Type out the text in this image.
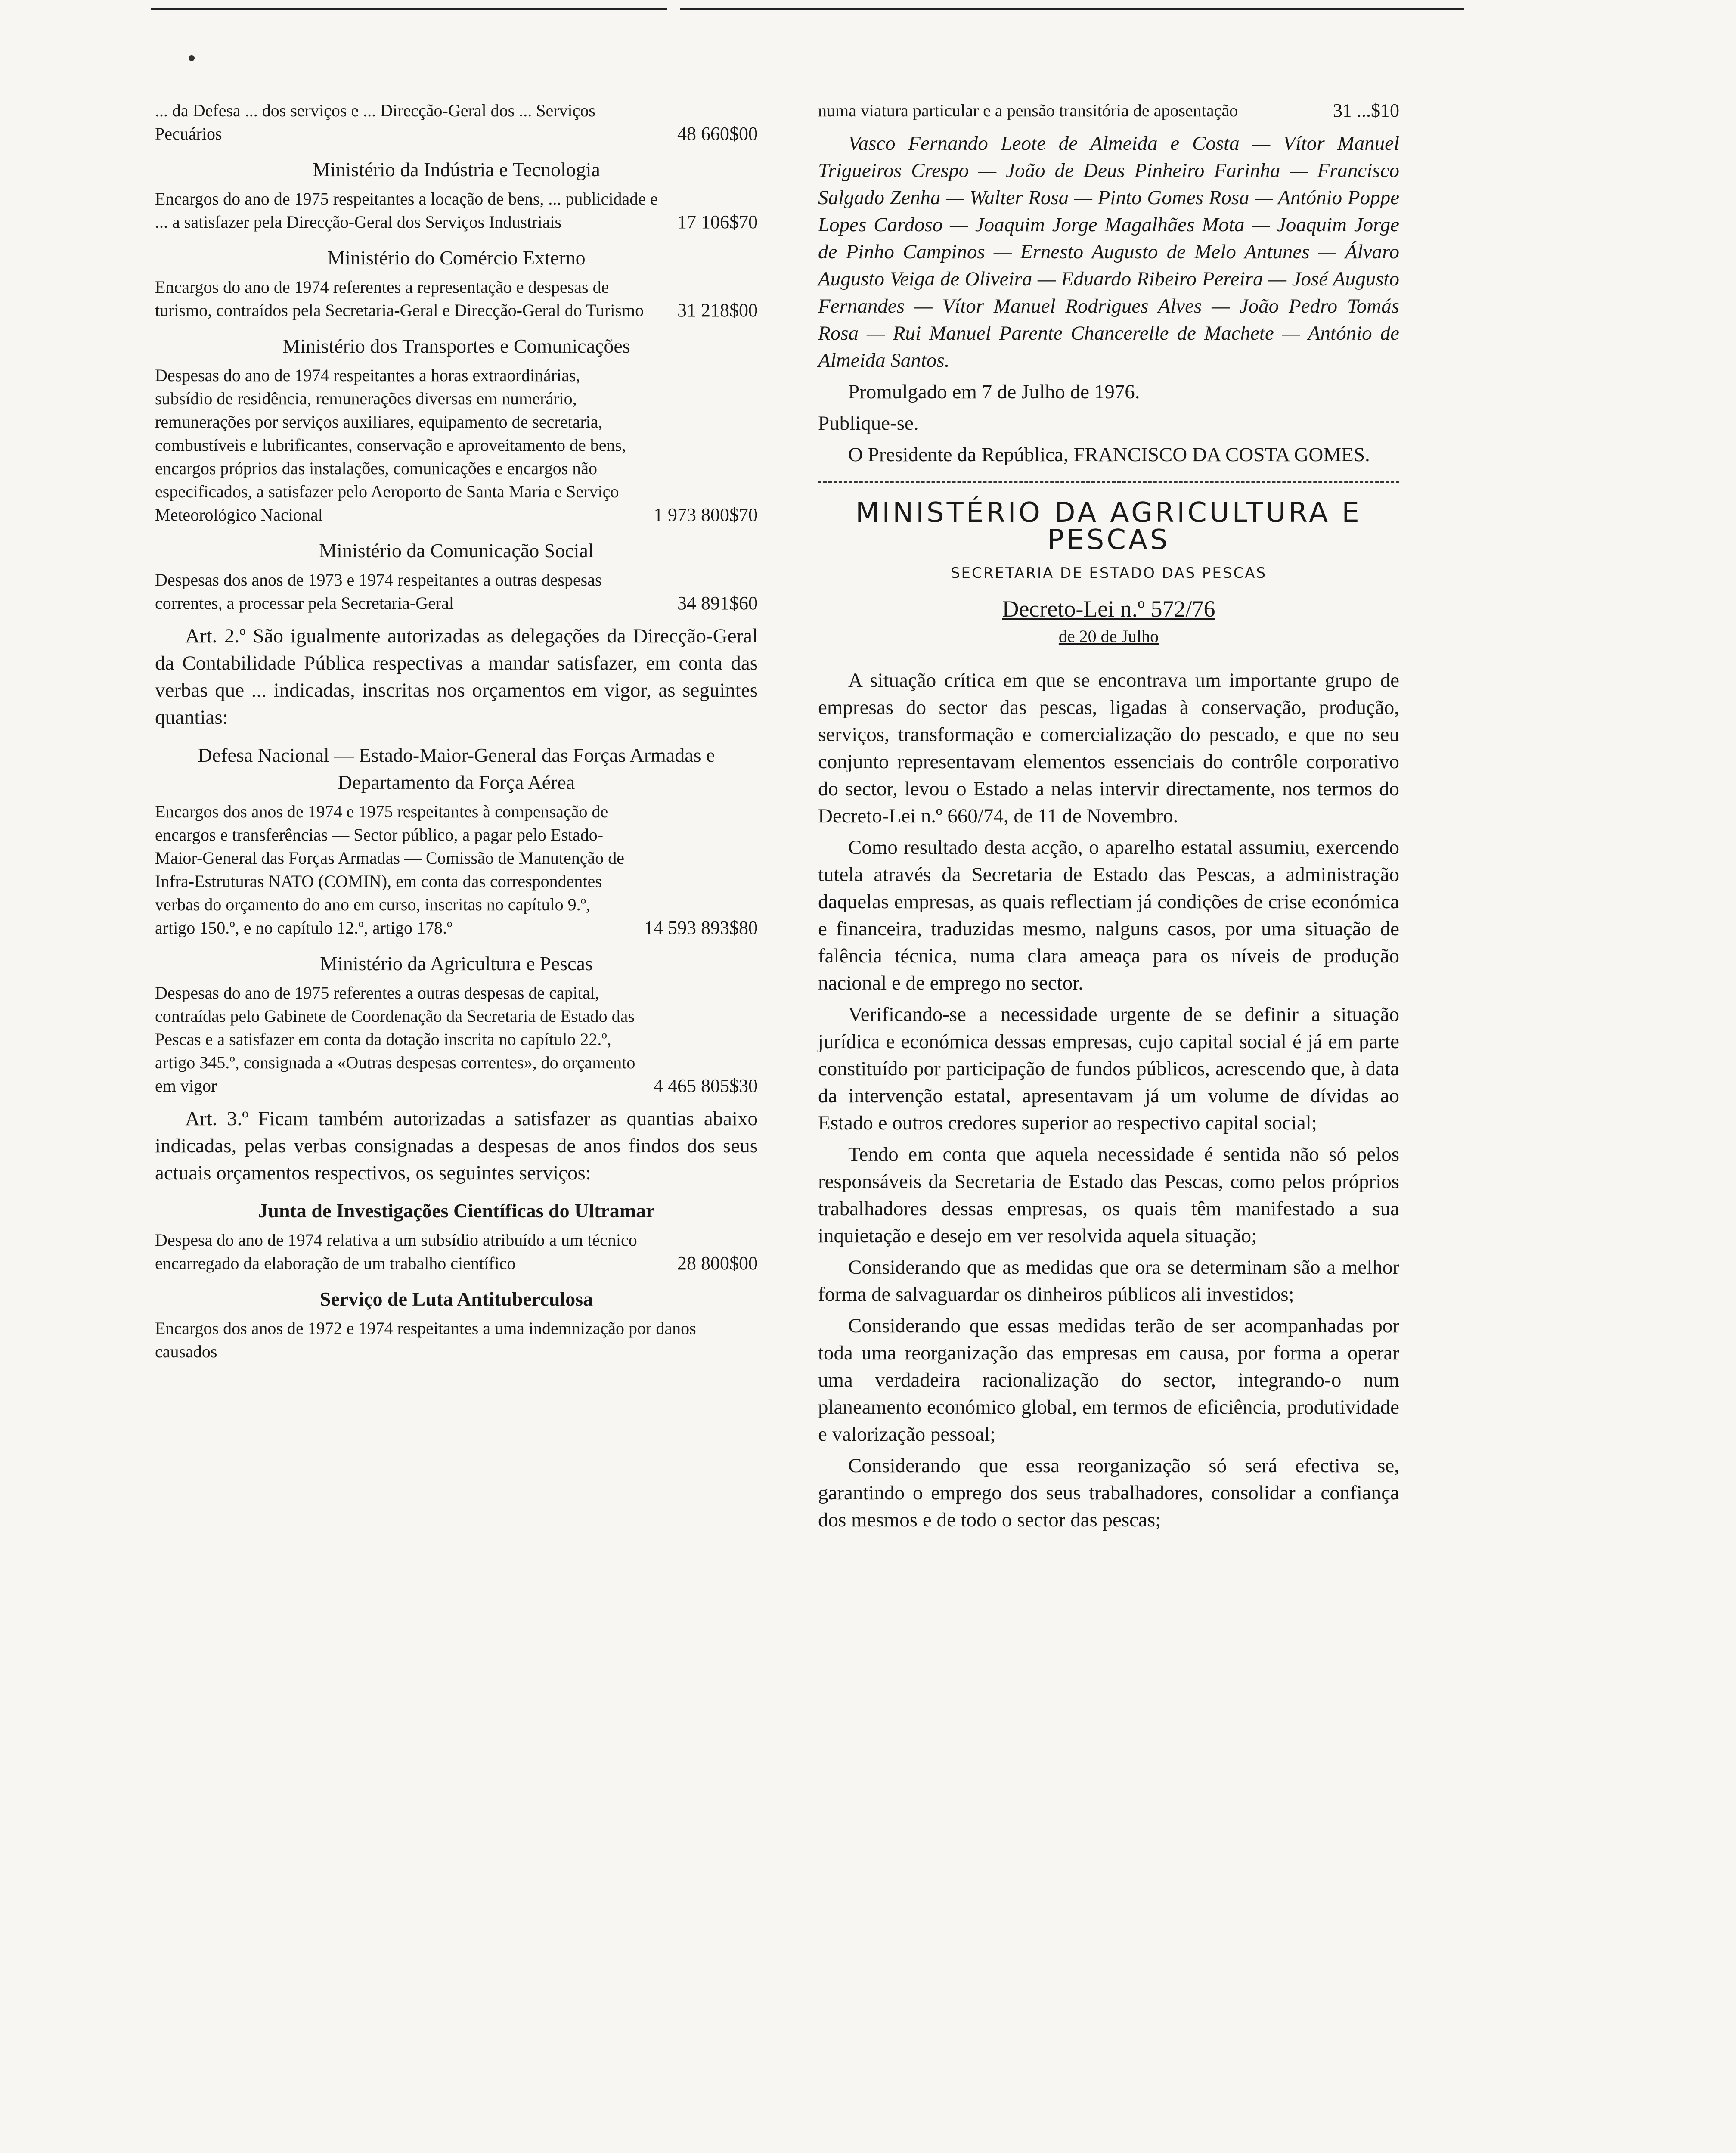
... da Defesa ... dos serviços e ... Direcção-Geral dos ... Serviços Pecuários	48 660$00
Ministério da Indústria e Tecnologia
Encargos do ano de 1975 respeitantes a locação de bens, ... publicidade e ... a satisfazer pela Direcção-Geral dos Serviços Industriais	17 106$70
Ministério do Comércio Externo
Encargos do ano de 1974 referentes a representação e despesas de turismo, contraídos pela Secretaria-Geral e Direcção-Geral do Turismo	31 218$00
Ministério dos Transportes e Comunicações
Despesas do ano de 1974 respeitantes a horas extraordinárias, subsídio de residência, remunerações diversas em numerário, remunerações por serviços auxiliares, equipamento de secretaria, combustíveis e lubrificantes, conservação e aproveitamento de bens, encargos próprios das instalações, comunicações e encargos não especificados, a satisfazer pelo Aeroporto de Santa Maria e Serviço Meteorológico Nacional	1 973 800$70
Ministério da Comunicação Social
Despesas dos anos de 1973 e 1974 respeitantes a outras despesas correntes, a processar pela Secretaria-Geral	34 891$60

Art. 2.º São igualmente autorizadas as delegações da Direcção-Geral da Contabilidade Pública respectivas a mandar satisfazer, em conta das verbas que ... indicadas, inscritas nos orçamentos em vigor, as seguintes quantias:

Defesa Nacional — Estado-Maior-General das Forças Armadas e Departamento da Força Aérea
Encargos dos anos de 1974 e 1975 respeitantes à compensação de encargos e transferências — Sector público, a pagar pelo Estado-Maior-General das Forças Armadas — Comissão de Manutenção de Infra-Estruturas NATO (COMIN), em conta das correspondentes verbas do orçamento do ano em curso, inscritas no capítulo 9.º, artigo 150.º, e no capítulo 12.º, artigo 178.º	14 593 893$80
Ministério da Agricultura e Pescas
Despesas do ano de 1975 referentes a outras despesas de capital, contraídas pelo Gabinete de Coordenação da Secretaria de Estado das Pescas e a satisfazer em conta da dotação inscrita no capítulo 22.º, artigo 345.º, consignada a «Outras despesas correntes», do orçamento em vigor	4 465 805$30

Art. 3.º Ficam também autorizadas a satisfazer as quantias abaixo indicadas, pelas verbas consignadas a despesas de anos findos dos seus actuais orçamentos respectivos, os seguintes serviços:

Junta de Investigações Científicas do Ultramar
Despesa do ano de 1974 relativa a um subsídio atribuído a um técnico encarregado da elaboração de um trabalho científico	28 800$00
Serviço de Luta Antituberculosa
Encargos dos anos de 1972 e 1974 respeitantes a uma indemnização por danos causados
numa viatura particular e a pensão transitória de aposentação	31 ...$10

Vasco Fernando Leote de Almeida e Costa — Vítor Manuel Trigueiros Crespo — João de Deus Pinheiro Farinha — Francisco Salgado Zenha — Walter Rosa — Pinto Gomes Rosa — António Poppe Lopes Cardoso — Joaquim Jorge Magalhães Mota — Joaquim Jorge de Pinho Campinos — Ernesto Augusto de Melo Antunes — Álvaro Augusto Veiga de Oliveira — Eduardo Ribeiro Pereira — José Augusto Fernandes — Vítor Manuel Rodrigues Alves — João Pedro Tomás Rosa — Rui Manuel Parente Chancerelle de Machete — António de Almeida Santos.

Promulgado em 7 de Julho de 1976.

Publique-se.

O Presidente da República, FRANCISCO DA COSTA GOMES.

MINISTÉRIO DA AGRICULTURA E PESCAS
SECRETARIA DE ESTADO DAS PESCAS
Decreto-Lei n.º 572/76
de 20 de Julho

A situação crítica em que se encontrava um importante grupo de empresas do sector das pescas, ligadas à conservação, produção, serviços, transformação e comercialização do pescado, e que no seu conjunto representavam elementos essenciais do contrôle corporativo do sector, levou o Estado a nelas intervir directamente, nos termos do Decreto-Lei n.º 660/74, de 11 de Novembro.

Como resultado desta acção, o aparelho estatal assumiu, exercendo tutela através da Secretaria de Estado das Pescas, a administração daquelas empresas, as quais reflectiam já condições de crise económica e financeira, traduzidas mesmo, nalguns casos, por uma situação de falência técnica, numa clara ameaça para os níveis de produção nacional e de emprego no sector.

Verificando-se a necessidade urgente de se definir a situação jurídica e económica dessas empresas, cujo capital social é já em parte constituído por participação de fundos públicos, acrescendo que, à data da intervenção estatal, apresentavam já um volume de dívidas ao Estado e outros credores superior ao respectivo capital social;

Tendo em conta que aquela necessidade é sentida não só pelos responsáveis da Secretaria de Estado das Pescas, como pelos próprios trabalhadores dessas empresas, os quais têm manifestado a sua inquietação e desejo em ver resolvida aquela situação;

Considerando que as medidas que ora se determinam são a melhor forma de salvaguardar os dinheiros públicos ali investidos;

Considerando que essas medidas terão de ser acompanhadas por toda uma reorganização das empresas em causa, por forma a operar uma verdadeira racionalização do sector, integrando-o num planeamento económico global, em termos de eficiência, produtividade e valorização pessoal;

Considerando que essa reorganização só será efectiva se, garantindo o emprego dos seus trabalhadores, consolidar a confiança dos mesmos e de todo o sector das pescas;
